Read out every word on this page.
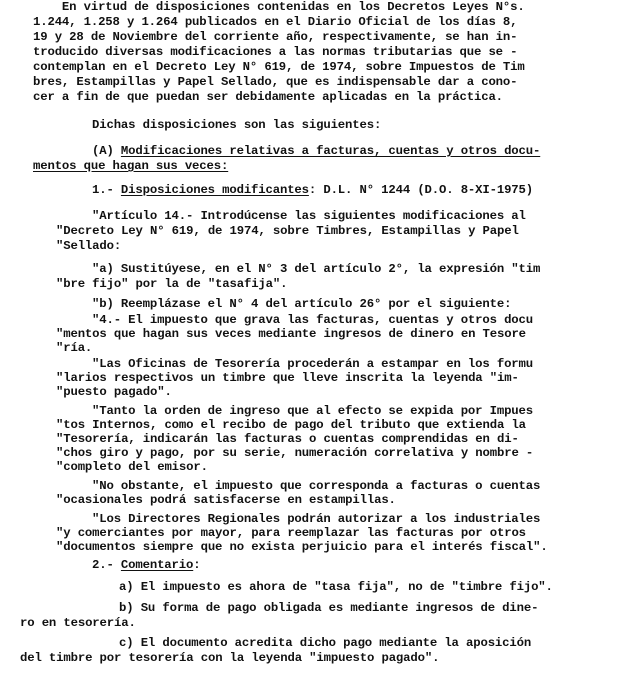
En virtud de disposiciones contenidas en los Decretos Leyes N°s.

1.244, 1.258 y 1.264 publicados en el Diario Oficial de los días 8,

19 y 28 de Noviembre del corriente año, respectivamente, se han in-

troducido diversas modificaciones a las normas tributarias que se -

contemplan en el Decreto Ley N° 619, de 1974, sobre Impuestos de Tim

bres, Estampillas y Papel Sellado, que es indispensable dar a cono-

cer a fin de que puedan ser debidamente aplicadas en la práctica.

Dichas disposiciones son las siguientes:

(A) Modificaciones relativas a facturas, cuentas y otros docu-

mentos que hagan sus veces:

1.- Disposiciones modificantes: D.L. N° 1244 (D.O. 8-XI-1975)

"Artículo 14.- Introdúcense las siguientes modificaciones al

"Decreto Ley N° 619, de 1974, sobre Timbres, Estampillas y Papel

"Sellado:

"a) Sustitúyese, en el N° 3 del artículo 2°, la expresión "tim

"bre fijo" por la de "tasafija".

"b) Reemplázase el N° 4 del artículo 26° por el siguiente:

"4.- El impuesto que grava las facturas, cuentas y otros docu

"mentos que hagan sus veces mediante ingresos de dinero en Tesore

"ría.

"Las Oficinas de Tesorería procederán a estampar en los formu

"larios respectivos un timbre que lleve inscrita la leyenda "im-

"puesto pagado".

"Tanto la orden de ingreso que al efecto se expida por Impues

"tos Internos, como el recibo de pago del tributo que extienda la

"Tesorería, indicarán las facturas o cuentas comprendidas en di-

"chos giro y pago, por su serie, numeración correlativa y nombre -

"completo del emisor.

"No obstante, el impuesto que corresponda a facturas o cuentas

"ocasionales podrá satisfacerse en estampillas.

"Los Directores Regionales podrán autorizar a los industriales

"y comerciantes por mayor, para reemplazar las facturas por otros

"documentos siempre que no exista perjuicio para el interés fiscal".

2.- Comentario:

a) El impuesto es ahora de "tasa fija", no de "timbre fijo".

b) Su forma de pago obligada es mediante ingresos de dine-

ro en tesorería.

c) El documento acredita dicho pago mediante la aposición

del timbre por tesorería con la leyenda "impuesto pagado".
